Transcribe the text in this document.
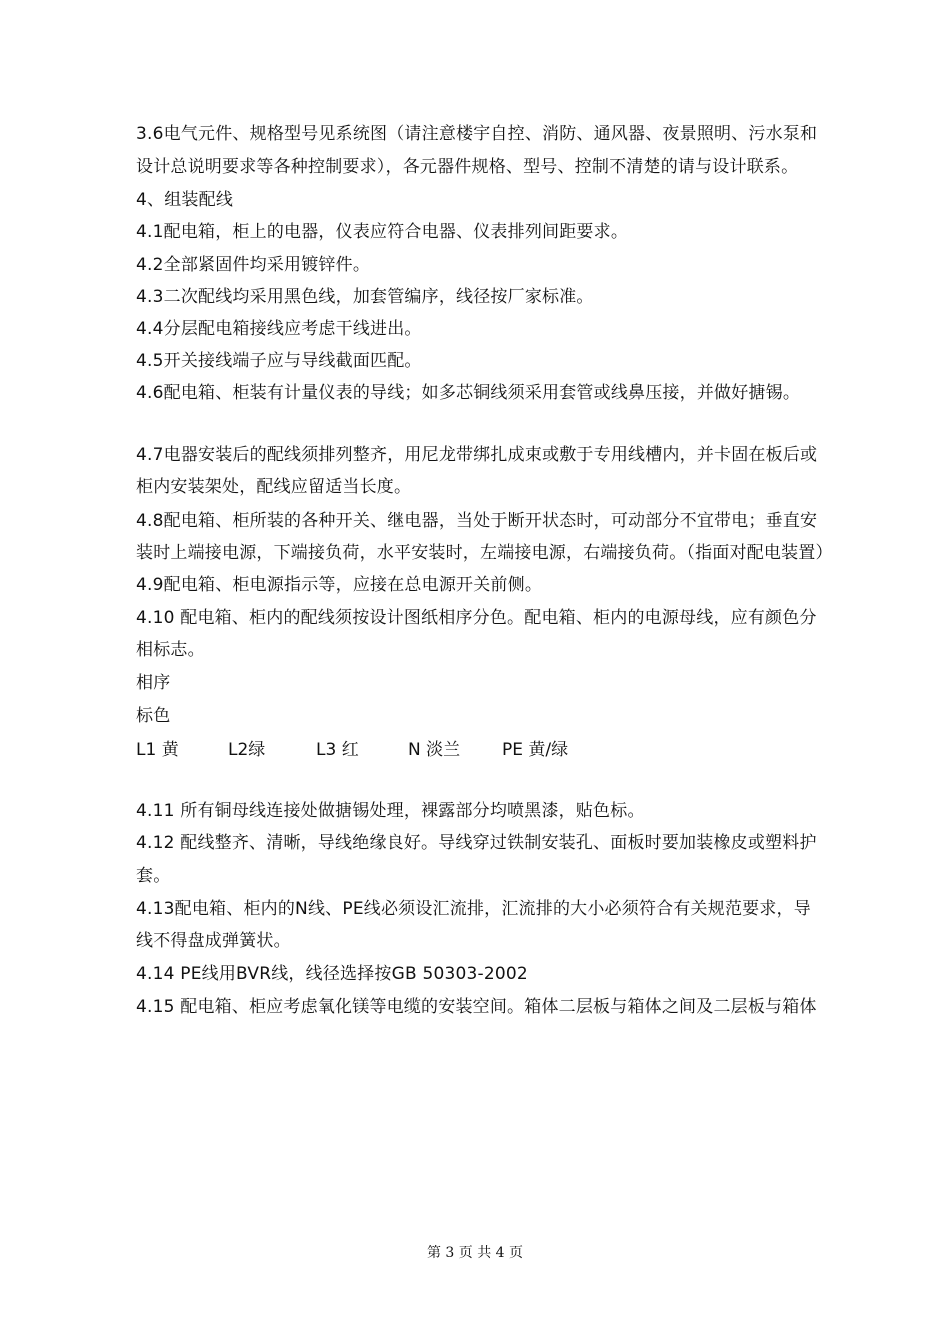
3.6电气元件、规格型号见系统图（请注意楼宇自控、消防、通风器、夜景照明、污水泵和
设计总说明要求等各种控制要求），各元器件规格、型号、控制不清楚的请与设计联系。
4、组装配线
4.1配电箱，柜上的电器，仪表应符合电器、仪表排列间距要求。
4.2全部紧固件均采用镀锌件。
4.3二次配线均采用黑色线，加套管编序，线径按厂家标准。
4.4分层配电箱接线应考虑干线进出。
4.5开关接线端子应与导线截面匹配。
4.6配电箱、柜装有计量仪表的导线；如多芯铜线须采用套管或线鼻压接，并做好搪锡。
4.7电器安装后的配线须排列整齐，用尼龙带绑扎成束或敷于专用线槽内，并卡固在板后或
柜内安装架处，配线应留适当长度。
4.8配电箱、柜所装的各种开关、继电器，当处于断开状态时，可动部分不宜带电；垂直安
装时上端接电源，下端接负荷，水平安装时，左端接电源，右端接负荷。（指面对配电装置）
4.9配电箱、柜电源指示等，应接在总电源开关前侧。
4.10 配电箱、柜内的配线须按设计图纸相序分色。配电箱、柜内的电源母线，应有颜色分
相标志。
相序
标色
L1 黄	L2绿	L3 红	N 淡兰 PE 黄/绿
4.11 所有铜母线连接处做搪锡处理，裸露部分均喷黑漆，贴色标。
4.12 配线整齐、清晰，导线绝缘良好。导线穿过铁制安装孔、面板时要加装橡皮或塑料护
套。
4.13配电箱、柜内的N线、PE线必须设汇流排，汇流排的大小必须符合有关规范要求，导
线不得盘成弹簧状。
4.14 PE线用BVR线，线径选择按GB 50303-2002
4.15 配电箱、柜应考虑氧化镁等电缆的安装空间。箱体二层板与箱体之间及二层板与箱体
第 3 页 共 4 页
